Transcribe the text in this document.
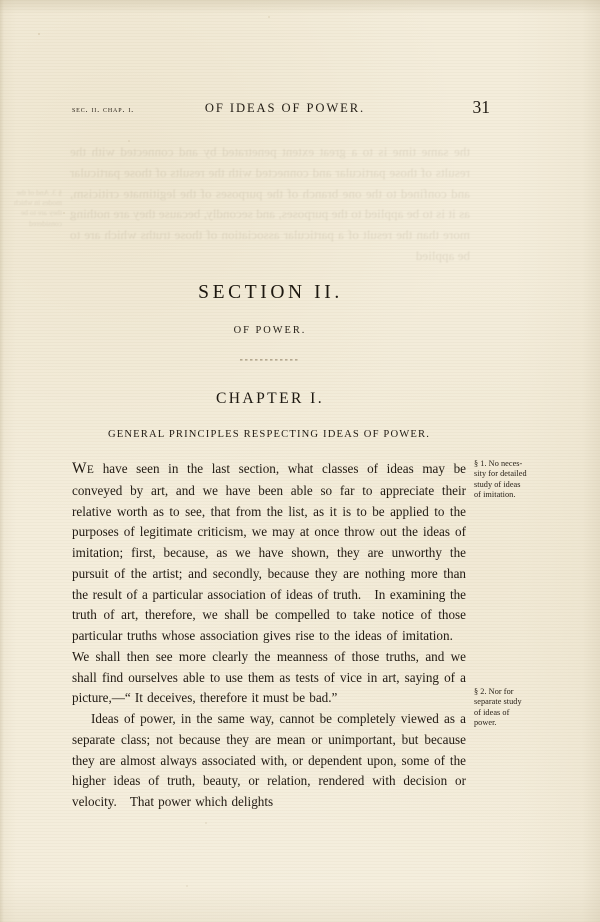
the same time is to a great extent penetrated by and connected with the results of those particular and connected with the results of those particular and confined to the one branch of the purposes of the legitimate criticism, as it is to be applied to the purposes, and secondly, because they are nothing more than the result of a particular association of those truths which are to be applied

§ 3. And of the modes in which they are to be considered
sec. ii. chap. i.	OF IDEAS OF POWER.	31
SECTION II.
OF POWER.
CHAPTER I.
GENERAL PRINCIPLES RESPECTING IDEAS OF POWER.

WE have seen in the last section, what classes of ideas may be conveyed by art, and we have been able so far to appreciate their relative worth as to see, that from the list, as it is to be applied to the purposes of legitimate criticism, we may at once throw out the ideas of imitation; first, because, as we have shown, they are unworthy the pursuit of the artist; and secondly, because they are nothing more than the result of a particular association of ideas of truth. In examining the truth of art, therefore, we shall be compelled to take notice of those particular truths whose association gives rise to the ideas of imitation. We shall then see more clearly the meanness of those truths, and we shall find ourselves able to use them as tests of vice in art, saying of a picture,—“ It deceives, therefore it must be bad.”

Ideas of power, in the same way, cannot be completely viewed as a separate class; not because they are mean or unimportant, but because they are almost always associated with, or dependent upon, some of the higher ideas of truth, beauty, or relation, rendered with decision or velocity. That power which delights

§ 1. No neces-
sity for detailed
study of ideas
of imitation.
§ 2. Nor for
separate study
of ideas of
power.
